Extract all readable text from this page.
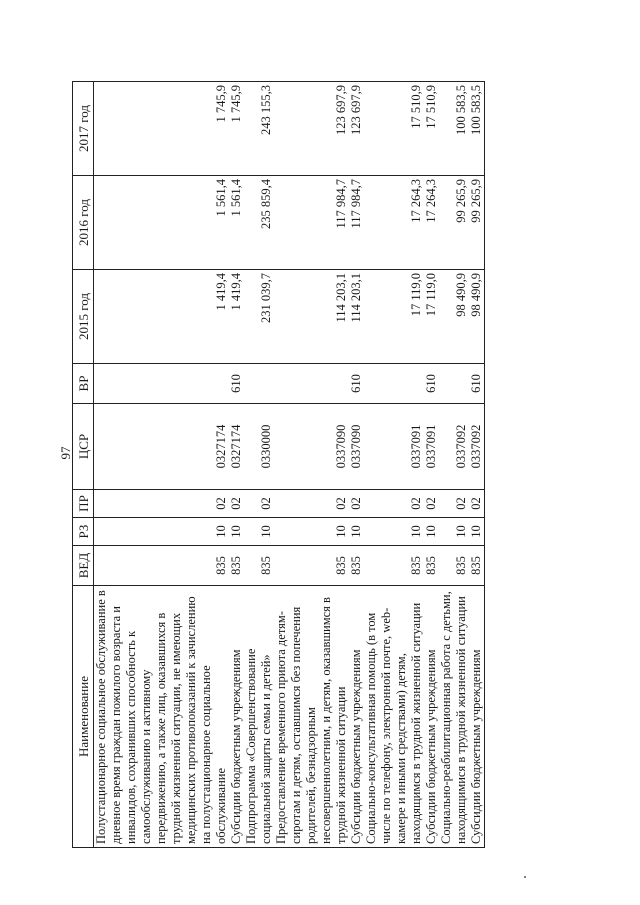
97
Наименование	ВЕД	РЗ	ПР	ЦСР	ВР	2015 год	2016 год	2017 год
Полустационарное социальное обслуживание в дневное время граждан пожилого возраста и инвалидов, сохранивших способность к самообслуживанию и активному передвижению, а также лиц, оказавшихся в трудной жизненной ситуации, не имеющих медицинских противопоказаний к зачислению на полустационарное социальное обслуживание	835	10	02	0327174		1 419,4	1 561,4	1 745,9
Субсидии бюджетным учреждениям	835	10	02	0327174	610	1 419,4	1 561,4	1 745,9
Подпрограмма «Совершенствование социальной защиты семьи и детей»	835	10	02	0330000		231 039,7	235 859,4	243 155,3
Предоставление временного приюта детям-сиротам и детям, оставшимся без попечения родителей, безнадзорным несовершеннолетним, и детям, оказавшимся в трудной жизненной ситуации	835	10	02	0337090		114 203,1	117 984,7	123 697,9
Субсидии бюджетным учреждениям	835	10	02	0337090	610	114 203,1	117 984,7	123 697,9
Социально-консультативная помощь (в том числе по телефону, электронной почте, web-камере и иными средствами) детям, находящимся в трудной жизненной ситуации	835	10	02	0337091		17 119,0	17 264,3	17 510,9
Субсидии бюджетным учреждениям	835	10	02	0337091	610	17 119,0	17 264,3	17 510,9
Социально-реабилитационная работа с детьми, находящимися в трудной жизненной ситуации	835	10	02	0337092		98 490,9	99 265,9	100 583,5
Субсидии бюджетным учреждениям	835	10	02	0337092	610	98 490,9	99 265,9	100 583,5
